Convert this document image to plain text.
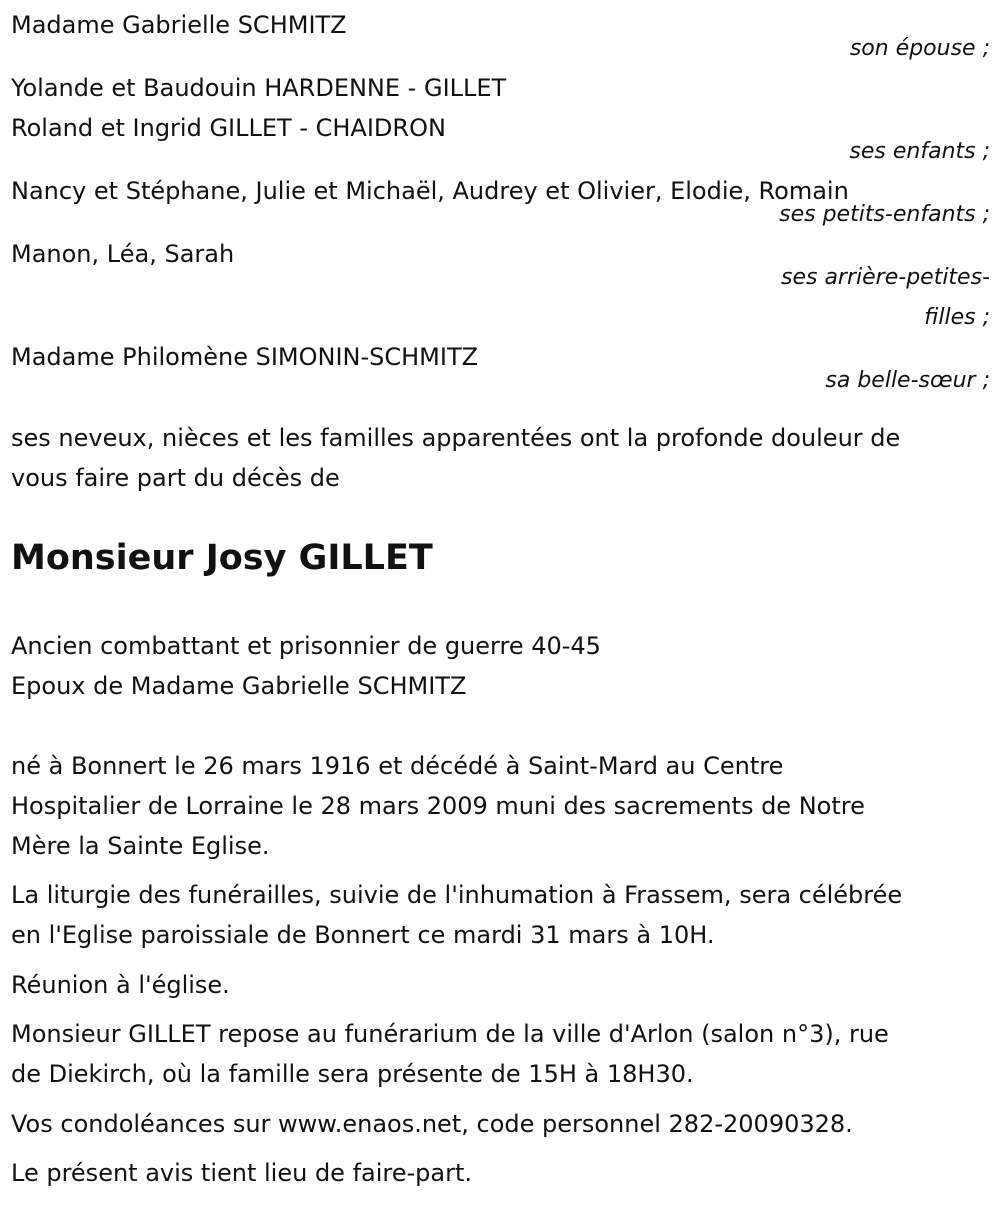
Madame Gabrielle SCHMITZ
son épouse ;
Yolande et Baudouin HARDENNE - GILLET
Roland et Ingrid GILLET - CHAIDRON
ses enfants ;
Nancy et Stéphane, Julie et Michaël, Audrey et Olivier, Elodie, Romain
ses petits-enfants ;
Manon, Léa, Sarah
ses arrière-petites-
filles ;
Madame Philomène SIMONIN-SCHMITZ
sa belle-sœur ;
ses neveux, nièces et les familles apparentées ont la profonde douleur de
vous faire part du décès de
Monsieur Josy GILLET
Ancien combattant et prisonnier de guerre 40-45
Epoux de Madame Gabrielle SCHMITZ
né à Bonnert le 26 mars 1916 et décédé à Saint-Mard au Centre
Hospitalier de Lorraine le 28 mars 2009 muni des sacrements de Notre
Mère la Sainte Eglise.
La liturgie des funérailles, suivie de l'inhumation à Frassem, sera célébrée
en l'Eglise paroissiale de Bonnert ce mardi 31 mars à 10H.
Réunion à l'église.
Monsieur GILLET repose au funérarium de la ville d'Arlon (salon n°3), rue
de Diekirch, où la famille sera présente de 15H à 18H30.
Vos condoléances sur www.enaos.net, code personnel 282-20090328.
Le présent avis tient lieu de faire-part.
